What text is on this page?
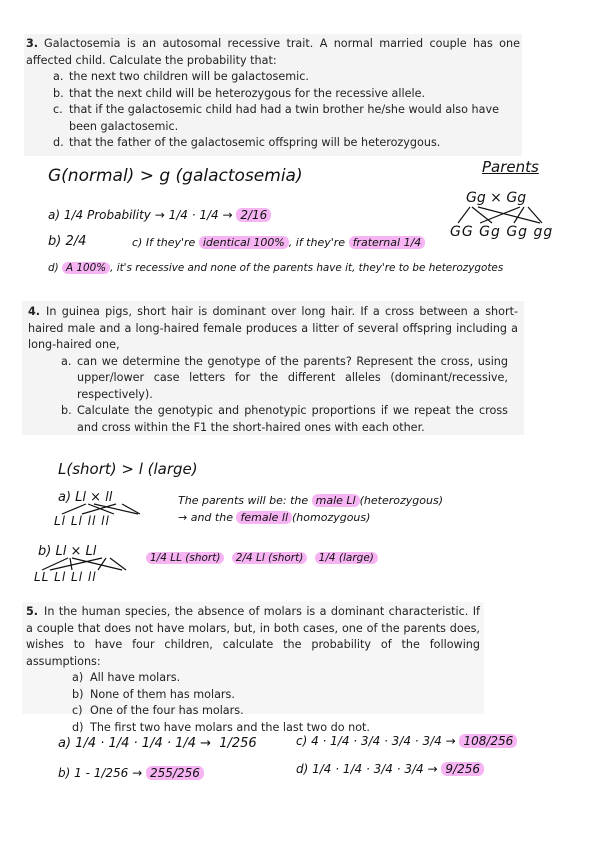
3. Galactosemia is an autosomal recessive trait. A normal married couple has one affected child. Calculate the probability that:

a. the next two children will be galactosemic.
b. that the next child will be heterozygous for the recessive allele.
c. that if the galactosemic child had had a twin brother he/she would also have been galactosemic.
d. that the father of the galactosemic offspring will be heterozygous.
G(normal) > g (galactosemia)	Parents
Gg × Gg
GG Gg Gg gg
a) 1/4 Probability → 1/4 · 1/4 → 2/16
b) 2/4	c) If they're identical 100% , if they're fraternal 1/4
d) A 100% , it's recessive and none of the parents have it, they're to be heterozygotes

4. In guinea pigs, short hair is dominant over long hair. If a cross between a short-haired male and a long-haired female produces a litter of several offspring including a long-haired one,

a. can we determine the genotype of the parents? Represent the cross, using upper/lower case letters for the different alleles (dominant/recessive, respectively).
b. Calculate the genotypic and phenotypic proportions if we repeat the cross and cross within the F1 the short-haired ones with each other.
L(short) > l (large)
a) Ll × ll
Ll Ll ll ll
The parents will be: the male Ll (heterozygous)
→ and the female ll (homozygous)
b) Ll × Ll
LL Ll Ll ll
1/4 LL (short) 2/4 Ll (short) 1/4 (large)

5. In the human species, the absence of molars is a dominant characteristic. If a couple that does not have molars, but, in both cases, one of the parents does, wishes to have four children, calculate the probability of the following assumptions:

a) All have molars.
b) None of them has molars.
c) One of the four has molars.
d) The first two have molars and the last two do not.
a) 1/4 · 1/4 · 1/4 · 1/4 → 1/256
b) 1 - 1/256 → 255/256
c) 4 · 1/4 · 3/4 · 3/4 · 3/4 → 108/256
d) 1/4 · 1/4 · 3/4 · 3/4 → 9/256
